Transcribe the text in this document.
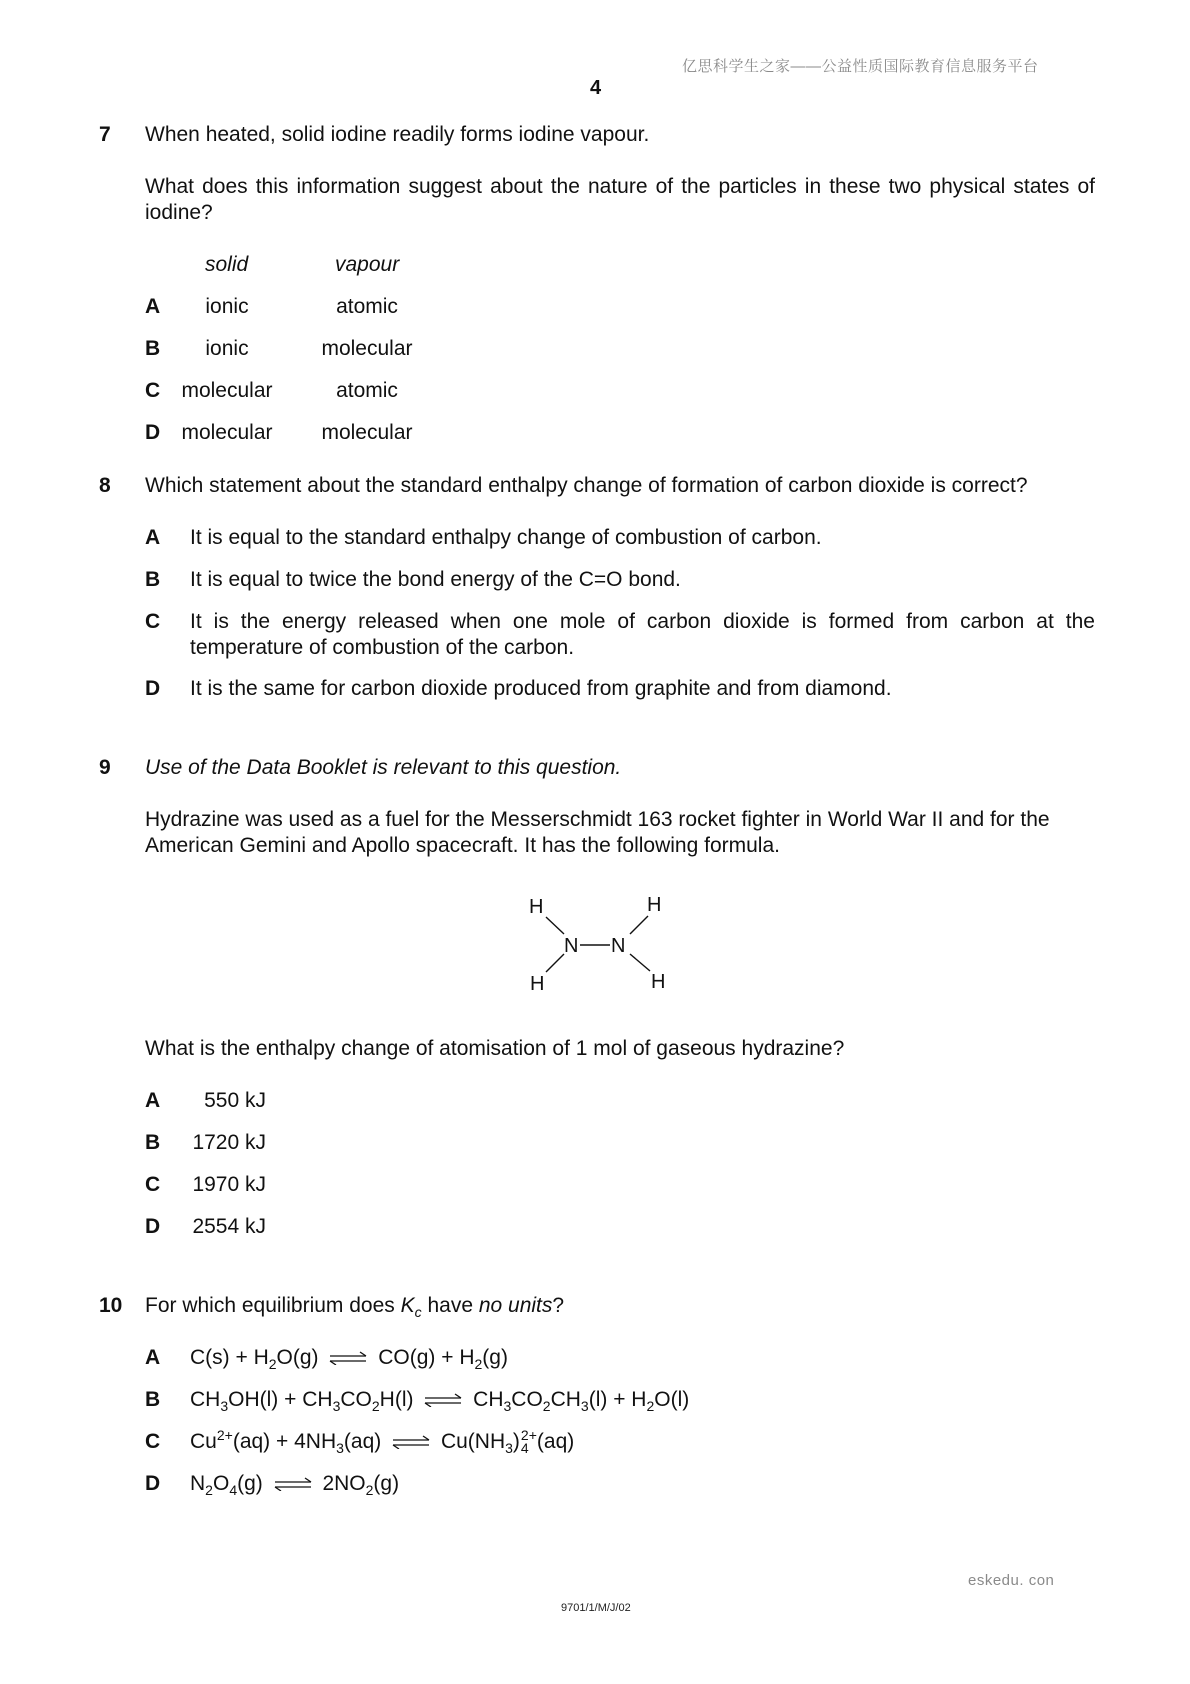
亿思科学生之家——公益性质国际教育信息服务平台
4
7 When heated, solid iodine readily forms iodine vapour.
What does this information suggest about the nature of the particles in these two physical states of iodine?
solid	vapour
A	ionic	atomic
B	ionic	molecular
C molecular	atomic
D molecular molecular
8 Which statement about the standard enthalpy change of formation of carbon dioxide is correct?
A It is equal to the standard enthalpy change of combustion of carbon.
B It is equal to twice the bond energy of the C=O bond.
C It is the energy released when one mole of carbon dioxide is formed from carbon at the temperature of combustion of the carbon.
D It is the same for carbon dioxide produced from graphite and from diamond.
9 Use of the Data Booklet is relevant to this question.
Hydrazine was used as a fuel for the Messerschmidt 163 rocket fighter in World War II and for the American Gemini and Apollo spacecraft. It has the following formula.
H	H
N N
H	H
What is the enthalpy change of atomisation of 1 mol of gaseous hydrazine?
A	550 kJ
B 1720 kJ
C 1970 kJ
D 2554 kJ
10 For which equilibrium does $K_c$ have no units?
A $C(s) + H_2O(g)$ ⇌ $CO(g) + H_2(g)$
B $CH_3OH(l) + CH_3CO_2H(l)$ ⇌ $CH_3CO_2CH_3(l) + H_2O(l)$
C $Cu^{2+}(aq) + 4NH_3(aq)$ ⇌ $Cu(NH_3)$ 2+
4 (aq)
D $N_2O_4(g)$ ⇌ $2NO_2(g)$
eskedu. con
9701/1/M/J/02
